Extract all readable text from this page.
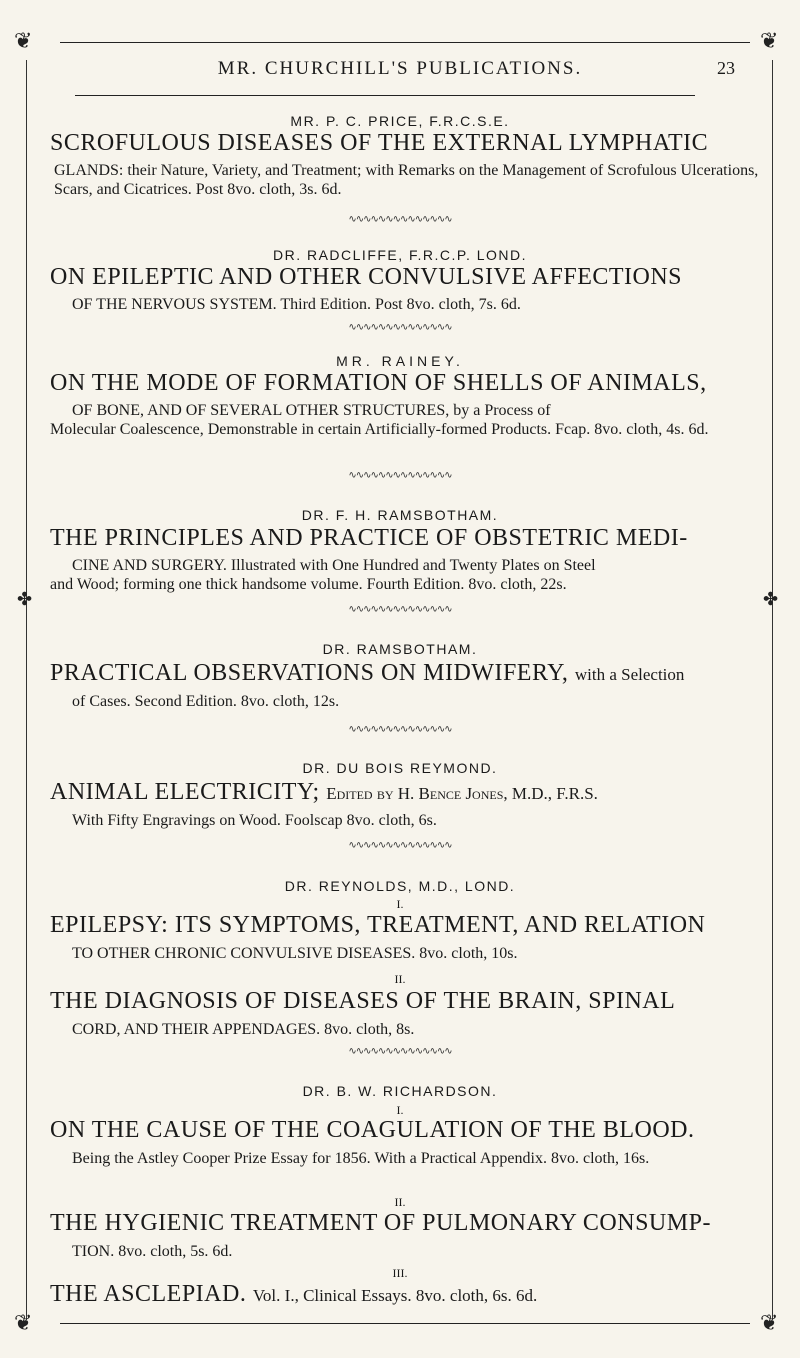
❦	❦
❦	❦
✤	✤
MR. CHURCHILL'S PUBLICATIONS.	23
MR. P. C. PRICE, F.R.C.S.E.
SCROFULOUS DISEASES OF THE EXTERNAL LYMPHATIC
GLANDS: their Nature, Variety, and Treatment; with Remarks on the Management of Scrofulous Ulcerations, Scars, and Cicatrices. Post 8vo. cloth, 3s. 6d.
∿∿∿∿∿∿∿∿∿∿∿∿∿∿
DR. RADCLIFFE, F.R.C.P. LOND.
ON EPILEPTIC AND OTHER CONVULSIVE AFFECTIONS
OF THE NERVOUS SYSTEM. Third Edition. Post 8vo. cloth, 7s. 6d.
∿∿∿∿∿∿∿∿∿∿∿∿∿∿
MR. RAINEY.
ON THE MODE OF FORMATION OF SHELLS OF ANIMALS,
OF BONE, AND OF SEVERAL OTHER STRUCTURES, by a Process of
Molecular Coalescence, Demonstrable in certain Artificially-formed Products. Fcap. 8vo. cloth, 4s. 6d.
∿∿∿∿∿∿∿∿∿∿∿∿∿∿
DR. F. H. RAMSBOTHAM.
THE PRINCIPLES AND PRACTICE OF OBSTETRIC MEDI-
CINE AND SURGERY. Illustrated with One Hundred and Twenty Plates on Steel
and Wood; forming one thick handsome volume. Fourth Edition. 8vo. cloth, 22s.
∿∿∿∿∿∿∿∿∿∿∿∿∿∿
DR. RAMSBOTHAM.
PRACTICAL OBSERVATIONS ON MIDWIFERY, with a Selection
of Cases. Second Edition. 8vo. cloth, 12s.
∿∿∿∿∿∿∿∿∿∿∿∿∿∿
DR. DU BOIS REYMOND.
ANIMAL ELECTRICITY; Edited by H. Bence Jones, M.D., F.R.S.
With Fifty Engravings on Wood. Foolscap 8vo. cloth, 6s.
∿∿∿∿∿∿∿∿∿∿∿∿∿∿
DR. REYNOLDS, M.D., LOND.
I.
EPILEPSY: ITS SYMPTOMS, TREATMENT, AND RELATION
TO OTHER CHRONIC CONVULSIVE DISEASES. 8vo. cloth, 10s.
II.
THE DIAGNOSIS OF DISEASES OF THE BRAIN, SPINAL
CORD, AND THEIR APPENDAGES. 8vo. cloth, 8s.
∿∿∿∿∿∿∿∿∿∿∿∿∿∿
DR. B. W. RICHARDSON.
I.
ON THE CAUSE OF THE COAGULATION OF THE BLOOD.
Being the Astley Cooper Prize Essay for 1856. With a Practical Appendix. 8vo. cloth, 16s.
II.
THE HYGIENIC TREATMENT OF PULMONARY CONSUMP-
TION. 8vo. cloth, 5s. 6d.
III.
THE ASCLEPIAD. Vol. I., Clinical Essays. 8vo. cloth, 6s. 6d.
